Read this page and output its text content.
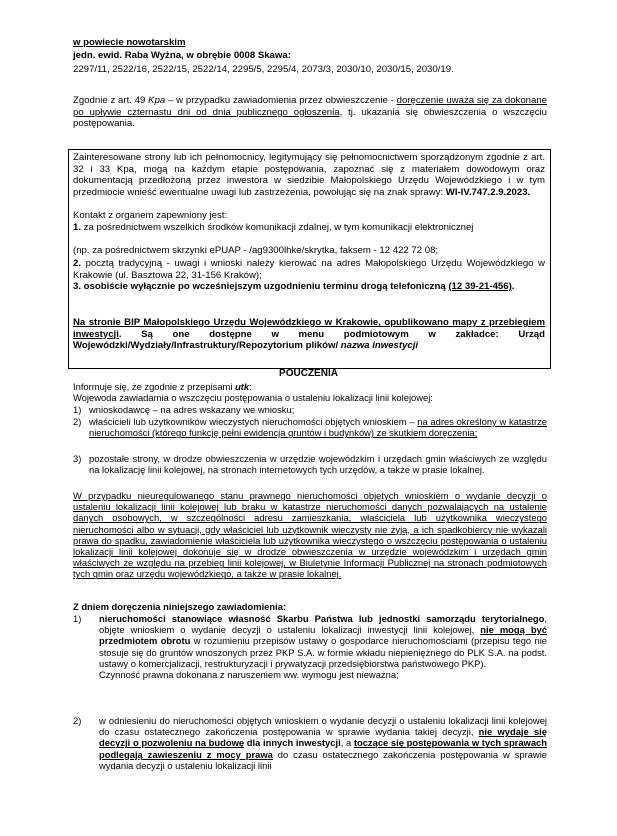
w powiecie nowotarskim

jedn. ewid. Raba Wyżna, w obrębie 0008 Skawa:

2297/11, 2522/16, 2522/15, 2522/14, 2295/5, 2295/4, 2073/3, 2030/10, 2030/15, 2030/19.

Zgodnie z art. 49 Kpa – w przypadku zawiadomienia przez obwieszczenie - doręczenie uważa się za dokonane po upływie czternastu dni od dnia publicznego ogłoszenia, tj. ukazania się obwieszczenia o wszczęciu postępowania.

Zainteresowane strony lub ich pełnomocnicy, legitymujący się pełnomocnictwem sporządzonym zgodnie z art. 32 i 33 Kpa, mogą na każdym etapie postępowania, zapoznać się z materiałem dowodowym oraz dokumentacją przedłożoną przez inwestora w siedzibie Małopolskiego Urzędu Wojewódzkiego i w tym przedmiocie wnieść ewentualne uwagi lub zastrzeżenia, powołując się na znak sprawy: WI-IV.747.2.9.2023.

Kontakt z organem zapewniony jest:

1. za pośrednictwem wszelkich środków komunikacji zdalnej, w tym komunikacji elektronicznej

(np. za pośrednictwem skrzynki ePUAP - /ag9300lhke/skrytka, faksem - 12 422 72 08;

2. pocztą tradycyjną - uwagi i wnioski należy kierować na adres Małopolskiego Urzędu Wojewódzkiego w Krakowie (ul. Basztowa 22, 31-156 Kraków);

3. osobiście wyłącznie po wcześniejszym uzgodnieniu terminu drogą telefoniczną (12 39-21-456).

Na stronie BIP Małopolskiego Urzędu Wojewódzkiego w Krakowie, opublikowano mapy z przebiegiem inwestycji. Są one dostępne w menu podmiotowym w zakładce: Urząd Wojewódzki/Wydziały/Infrastruktury/Repozytorium plików/ nazwa inwestycji

POUCZENIA

Informuje się, że zgodnie z przepisami utk:

Wojewoda zawiadamia o wszczęciu postępowania o ustaleniu lokalizacji linii kolejowej:

1) wnioskodawcę – na adres wskazany we wniosku;
2) właścicieli lub użytkowników wieczystych nieruchomości objętych wnioskiem – na adres określony w katastrze nieruchomości (którego funkcję pełni ewidencja gruntów i budynków) ze skutkiem doręczenia;
3) pozostałe strony, w drodze obwieszczenia w urzędzie wojewódzkim i urzędach gmin właściwych ze względu na lokalizację linii kolejowej, na stronach internetowych tych urzędów, a także w prasie lokalnej.

W przypadku nieuregulowanego stanu prawnego nieruchomości objętych wnioskiem o wydanie decyzji o ustaleniu lokalizacji linii kolejowej lub braku w katastrze nieruchomości danych pozwalających na ustalenie danych osobowych, w szczególności adresu zamieszkania, właściciela lub użytkownika wieczystego nieruchomości albo w sytuacji, gdy właściciel lub użytkownik wieczysty nie żyją, a ich spadkobiercy nie wykazali prawa do spadku, zawiadomienie właściciela lub użytkownika wieczystego o wszczęciu postępowania o ustaleniu lokalizacji linii kolejowej dokonuje się w drodze obwieszczenia w urzędzie wojewódzkim i urzędach gmin właściwych ze względu na przebieg linii kolejowej, w Biuletynie Informacji Publicznej na stronach podmiotowych tych gmin oraz urzędu wojewódzkiego, a także w prasie lokalnej.

Z dniem doręczenia niniejszego zawiadomienia:

1)	nieruchomości stanowiące własność Skarbu Państwa lub jednostki samorządu terytorialnego, objęte wnioskiem o wydanie decyzji o ustaleniu lokalizacji inwestycji linii kolejowej, nie mogą być przedmiotem obrotu w rozumieniu przepisów ustawy o gospodarce nieruchomościami (przepisu tego nie stosuje się do gruntów wnoszonych przez PKP S.A. w formie wkładu niepieniężnego do PLK S.A. na podst. ustawy o komercjalizacji, restrukturyzacji i prywatyzacji przedsiębiorstwa państwowego PKP).
Czynność prawna dokonana z naruszeniem ww. wymogu jest nieważna;
2)	w odniesieniu do nieruchomości objętych wnioskiem o wydanie decyzji o ustaleniu lokalizacji linii kolejowej do czasu ostatecznego zakończenia postępowania w sprawie wydania takiej decyzji, nie wydaje się decyzji o pozwoleniu na budowę dla innych inwestycji, a toczące się postępowania w tych sprawach podlegają zawieszeniu z mocy prawa do czasu ostatecznego zakończenia postępowania w sprawie wydania decyzji o ustaleniu lokalizacji linii
